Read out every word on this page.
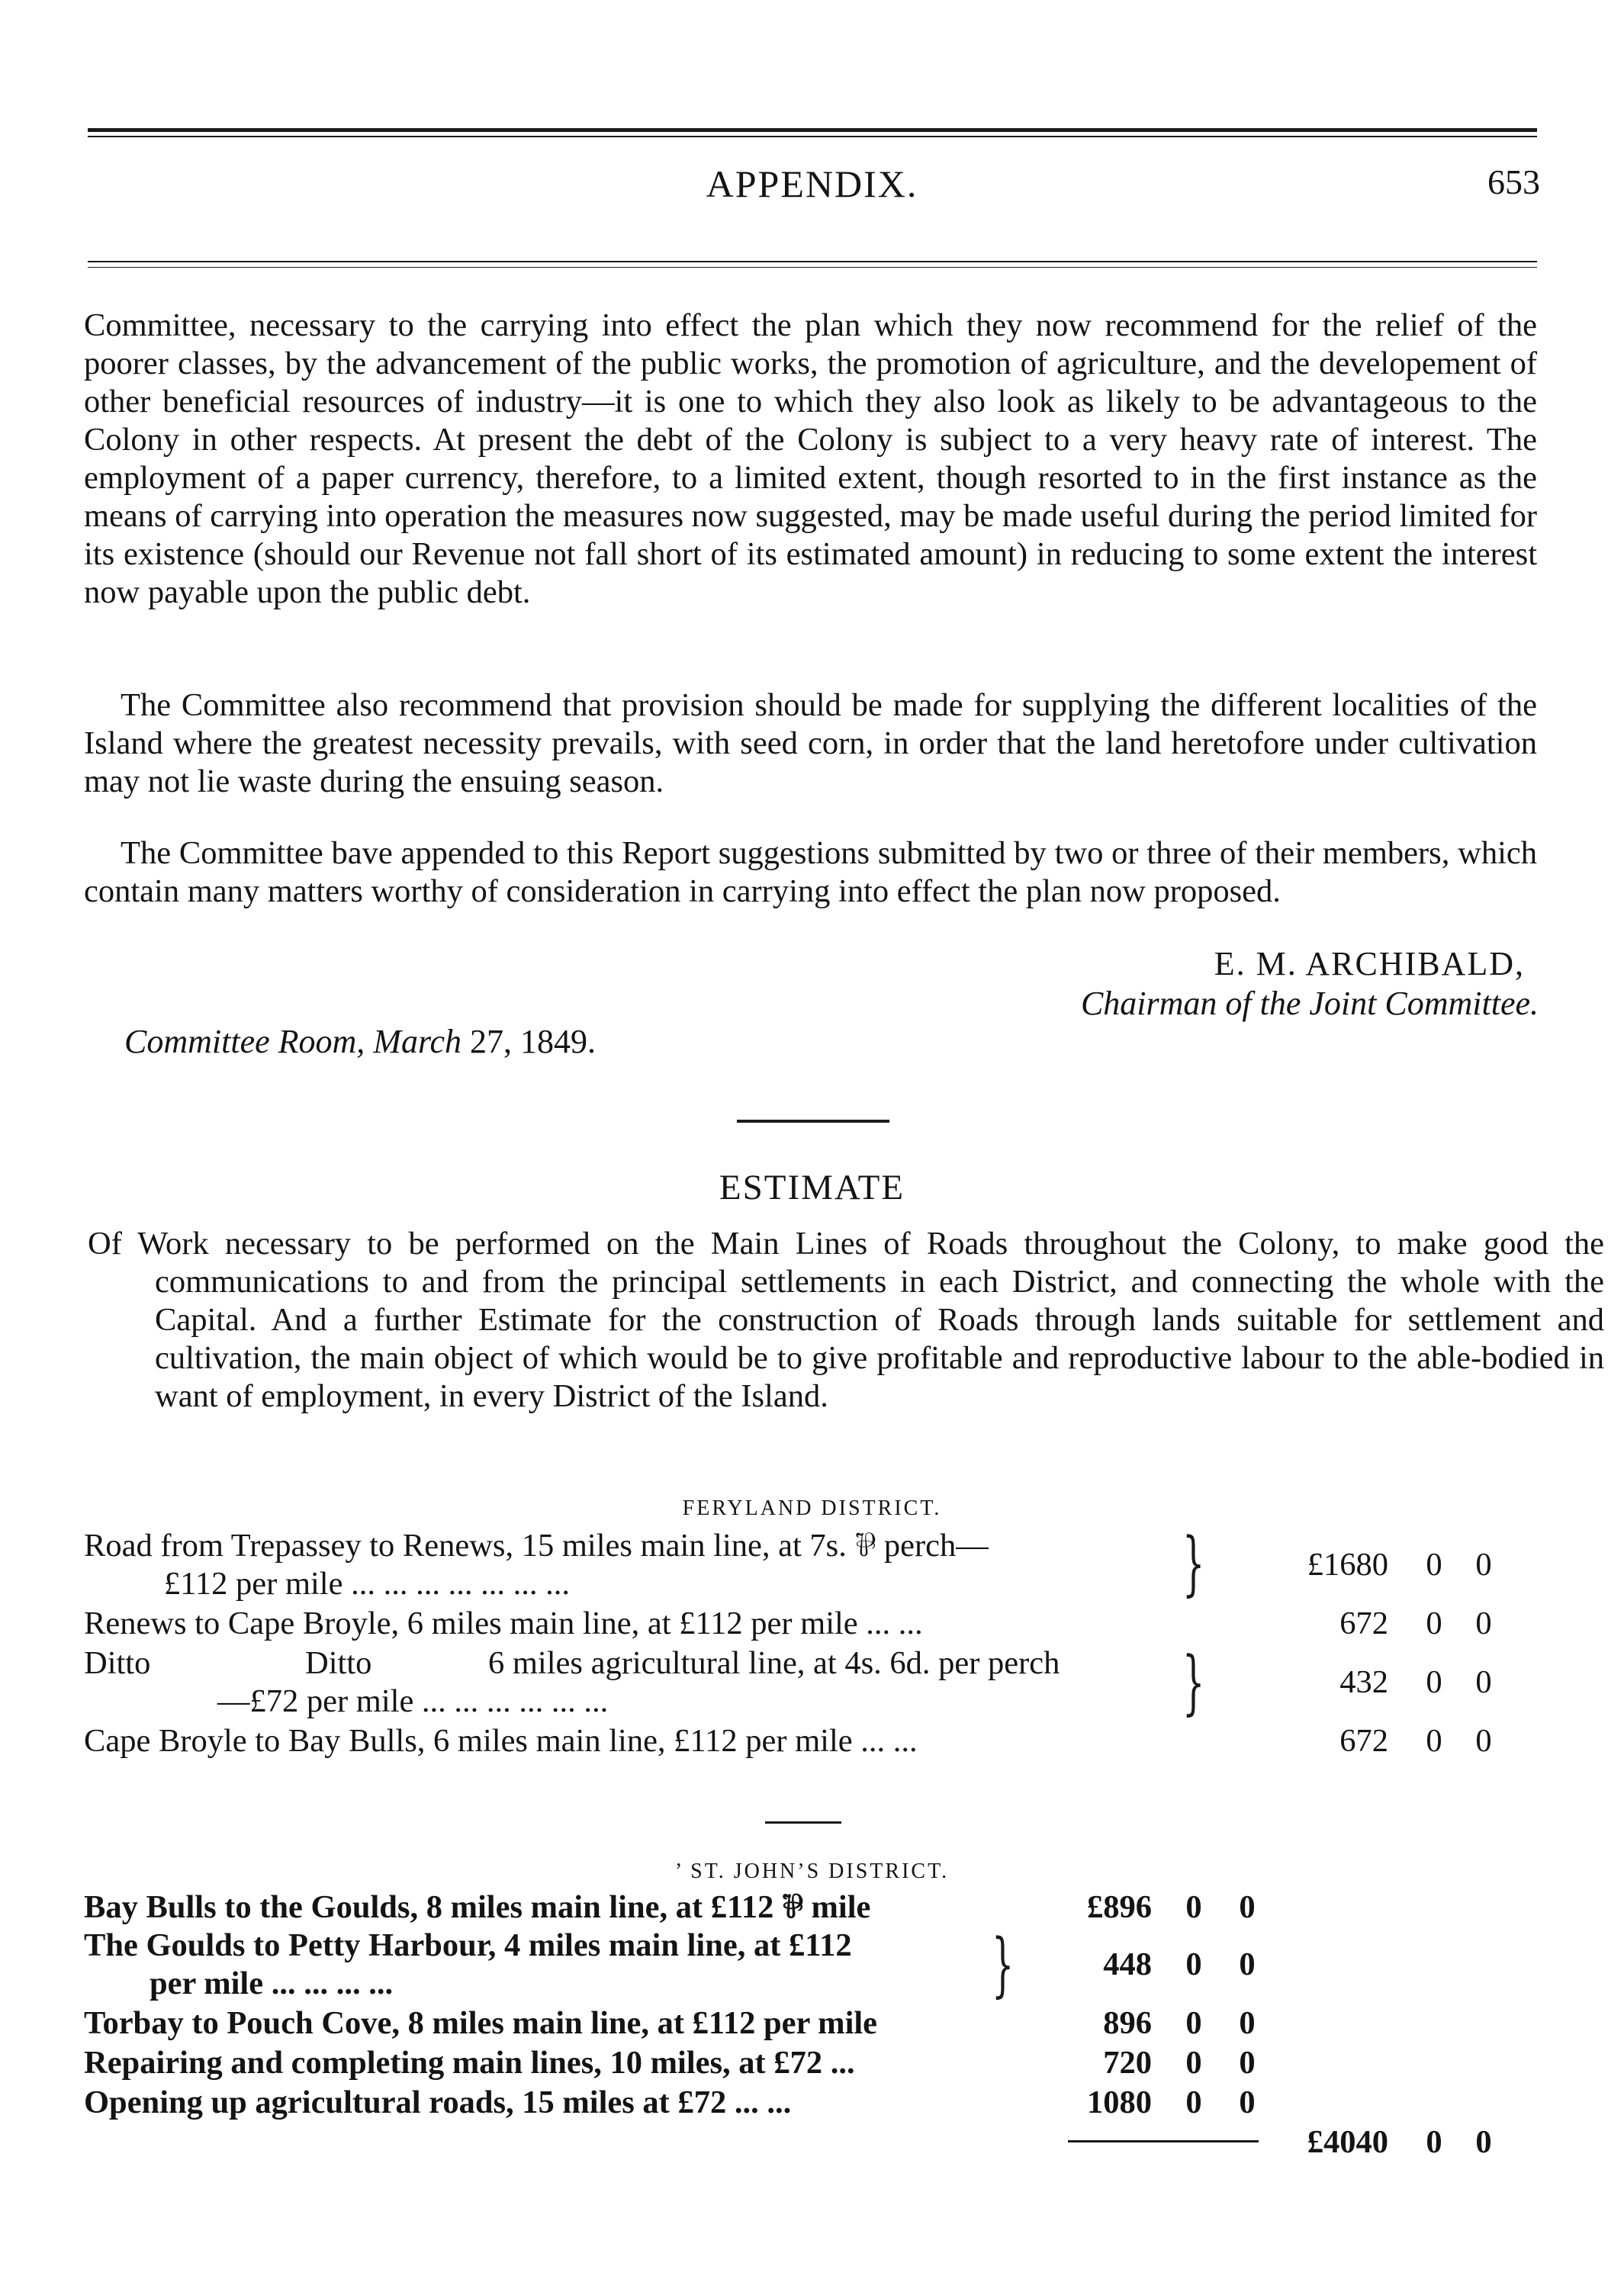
APPENDIX.	653

Committee, necessary to the carrying into effect the plan which they now recommend for the relief of the poorer classes, by the advancement of the public works, the promotion of agriculture, and the developement of other beneficial resources of industry—it is one to which they also look as likely to be advantageous to the Colony in other respects. At present the debt of the Colony is subject to a very heavy rate of interest. The employment of a paper currency, therefore, to a limited extent, though resorted to in the first instance as the means of carrying into operation the measures now suggested, may be made useful during the period limited for its existence (should our Revenue not fall short of its estimated amount) in reducing to some extent the interest now payable upon the public debt.

The Committee also recommend that provision should be made for supplying the different localities of the Island where the greatest necessity prevails, with seed corn, in order that the land heretofore under cultivation may not lie waste during the ensuing season.

The Committee bave appended to this Report suggestions submitted by two or three of their members, which contain many matters worthy of consideration in carrying into effect the plan now proposed.

E. M. ARCHIBALD,
Chairman of the Joint Committee.
Committee Room, March 27, 1849.
ESTIMATE

Of Work necessary to be performed on the Main Lines of Roads throughout the Colony, to make good the communications to and from the principal settlements in each District, and connecting the whole with the Capital. And a further Estimate for the construction of Roads through lands suitable for settlement and cultivation, the main object of which would be to give profitable and reproductive labour to the able-bodied in want of employment, in every District of the Island.

FERYLAND DISTRICT.
Road from Trepassey to Renews, 15 miles main line, at 7s. ⅌ perch—
£112 per mile ... ... ... ... ... ... ...	}	£1680 0 0
Renews to Cape Broyle, 6 miles main line, at £112 per mile ... ...	672 0 0
Ditto	Ditto	6 miles agricultural line, at 4s. 6d. per perch
—£72 per mile ... ... ... ... ... ...	}	432 0 0
Cape Broyle to Bay Bulls, 6 miles main line, £112 per mile ... ...	672 0 0
’ ST. JOHN’S DISTRICT.
Bay Bulls to the Goulds, 8 miles main line, at £112 ⅌ mile	£896 0 0
The Goulds to Petty Harbour, 4 miles main line, at £112
per mile ... ... ... ...	}	448 0 0
Torbay to Pouch Cove, 8 miles main line, at £112 per mile	896 0 0
Repairing and completing main lines, 10 miles, at £72 ...	720 0 0
Opening up agricultural roads, 15 miles at £72 ... ...	1080 0 0
£4040 0 0
